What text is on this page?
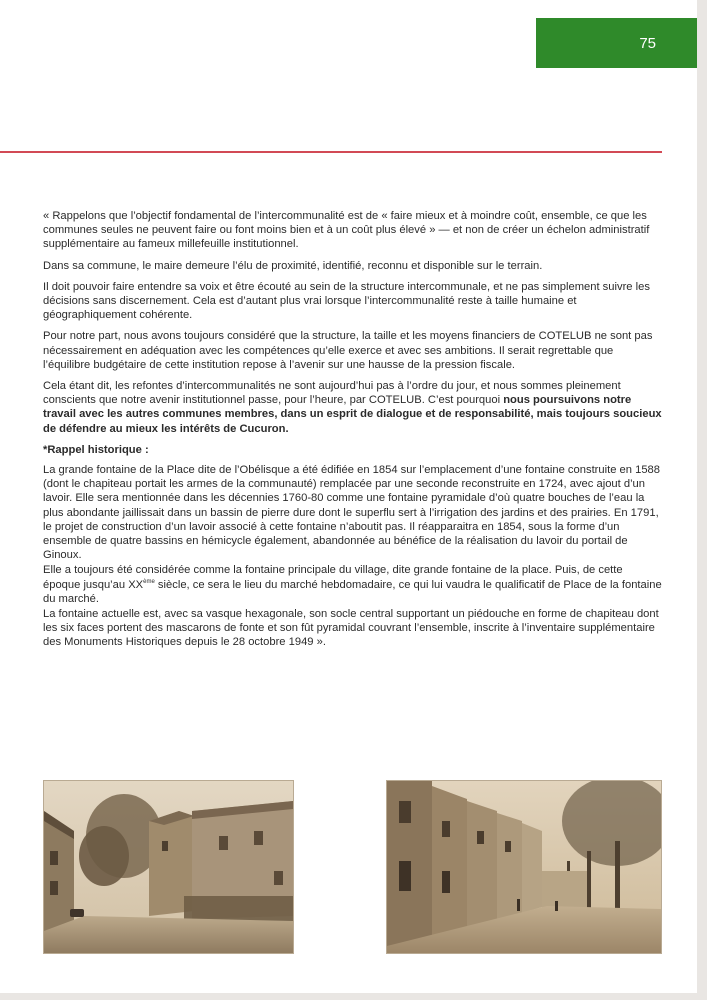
75

« Rappelons que l’objectif fondamental de l’intercommunalité est de « faire mieux et à moindre coût, ensemble, ce que les communes seules ne peuvent faire ou font moins bien et à un coût plus élevé » — et non de créer un échelon administratif supplémentaire au fameux millefeuille institutionnel.

Dans sa commune, le maire demeure l’élu de proximité, identifié, reconnu et disponible sur le terrain.

Il doit pouvoir faire entendre sa voix et être écouté au sein de la structure intercommunale, et ne pas simplement suivre les décisions sans discernement. Cela est d’autant plus vrai lorsque l’intercommunalité reste à taille humaine et géographiquement cohérente.

Pour notre part, nous avons toujours considéré que la structure, la taille et les moyens financiers de COTELUB ne sont pas nécessairement en adéquation avec les compétences qu’elle exerce et avec ses ambitions. Il serait regrettable que l’équilibre budgétaire de cette institution repose à l’avenir sur une hausse de la pression fiscale.

Cela étant dit, les refontes d’intercommunalités ne sont aujourd’hui pas à l’ordre du jour, et nous sommes pleinement conscients que notre avenir institutionnel passe, pour l’heure, par COTELUB. C’est pourquoi nous poursuivons notre travail avec les autres communes membres, dans un esprit de dialogue et de responsabilité, mais toujours soucieux de défendre au mieux les intérêts de Cucuron.

*Rappel historique :

La grande fontaine de la Place dite de l’Obélisque a été édifiée en 1854 sur l’emplacement d’une fontaine construite en 1588 (dont le chapiteau portait les armes de la communauté) remplacée par une seconde reconstruite en 1724, avec ajout d’un lavoir. Elle sera mentionnée dans les décennies 1760-80 comme une fontaine pyramidale d’où quatre bouches de l’eau la plus abondante jaillissait dans un bassin de pierre dure dont le superflu sert à l’irrigation des jardins et des prairies. En 1791, le projet de construction d’un lavoir associé à cette fontaine n’aboutit pas. Il réapparaitra en 1854, sous la forme d’un ensemble de quatre bassins en hémicycle également, abandonnée au bénéfice de la réalisation du lavoir du portail de Ginoux.

Elle a toujours été considérée comme la fontaine principale du village, dite grande fontaine de la place. Puis, de cette époque jusqu’au XXème siècle, ce sera le lieu du marché hebdomadaire, ce qui lui vaudra le qualificatif de Place de la fontaine du marché.

La fontaine actuelle est, avec sa vasque hexagonale, son socle central supportant un piédouche en forme de chapiteau dont les six faces portent des mascarons de fonte et son fût pyramidal couvrant l’ensemble, inscrite à l’inventaire supplémentaire des Monuments Historiques depuis le 28 octobre 1949 ».
